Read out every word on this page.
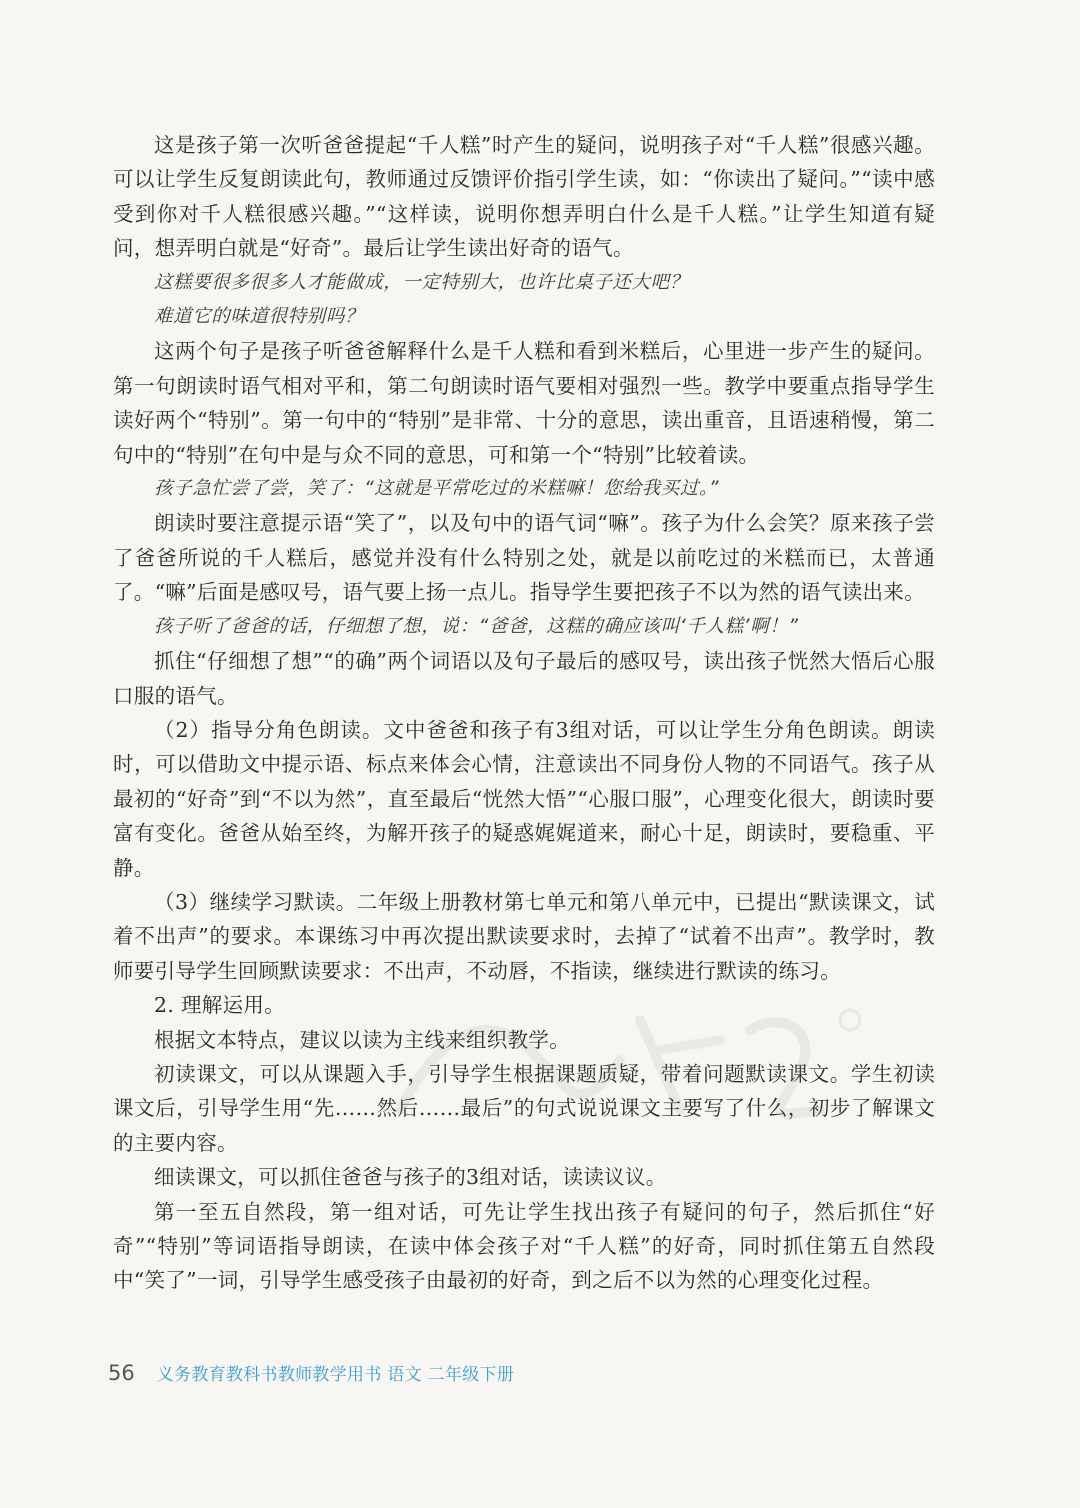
这是孩子第一次听爸爸提起“千人糕”时产生的疑问，说明孩子对“千人糕”很感兴趣。可以让学生反复朗读此句，教师通过反馈评价指引学生读，如：“你读出了疑问。”“读中感受到你对千人糕很感兴趣。”“这样读，说明你想弄明白什么是千人糕。”让学生知道有疑问，想弄明白就是“好奇”。最后让学生读出好奇的语气。

这糕要很多很多人才能做成，一定特别大，也许比桌子还大吧？

难道它的味道很特别吗？

这两个句子是孩子听爸爸解释什么是千人糕和看到米糕后，心里进一步产生的疑问。第一句朗读时语气相对平和，第二句朗读时语气要相对强烈一些。教学中要重点指导学生读好两个“特别”。第一句中的“特别”是非常、十分的意思，读出重音，且语速稍慢，第二句中的“特别”在句中是与众不同的意思，可和第一个“特别”比较着读。

孩子急忙尝了尝，笑了：“这就是平常吃过的米糕嘛！您给我买过。”

朗读时要注意提示语“笑了”，以及句中的语气词“嘛”。孩子为什么会笑？原来孩子尝了爸爸所说的千人糕后，感觉并没有什么特别之处，就是以前吃过的米糕而已，太普通了。“嘛”后面是感叹号，语气要上扬一点儿。指导学生要把孩子不以为然的语气读出来。

孩子听了爸爸的话，仔细想了想，说：“爸爸，这糕的确应该叫‘千人糕’啊！”

抓住“仔细想了想”“的确”两个词语以及句子最后的感叹号，读出孩子恍然大悟后心服口服的语气。

（2）指导分角色朗读。文中爸爸和孩子有3组对话，可以让学生分角色朗读。朗读时，可以借助文中提示语、标点来体会心情，注意读出不同身份人物的不同语气。孩子从最初的“好奇”到“不以为然”，直至最后“恍然大悟”“心服口服”，心理变化很大，朗读时要富有变化。爸爸从始至终，为解开孩子的疑惑娓娓道来，耐心十足，朗读时，要稳重、平静。

（3）继续学习默读。二年级上册教材第七单元和第八单元中，已提出“默读课文，试着不出声”的要求。本课练习中再次提出默读要求时，去掉了“试着不出声”。教学时，教师要引导学生回顾默读要求：不出声，不动唇，不指读，继续进行默读的练习。

2. 理解运用。

根据文本特点，建议以读为主线来组织教学。

初读课文，可以从课题入手，引导学生根据课题质疑，带着问题默读课文。学生初读课文后，引导学生用“先……然后……最后”的句式说说课文主要写了什么，初步了解课文的主要内容。

细读课文，可以抓住爸爸与孩子的3组对话，读读议议。

第一至五自然段，第一组对话，可先让学生找出孩子有疑问的句子，然后抓住“好奇”“特别”等词语指导朗读，在读中体会孩子对“千人糕”的好奇，同时抓住第五自然段中“笑了”一词，引导学生感受孩子由最初的好奇，到之后不以为然的心理变化过程。

56 义务教育教科书教师教学用书 语文 二年级下册
